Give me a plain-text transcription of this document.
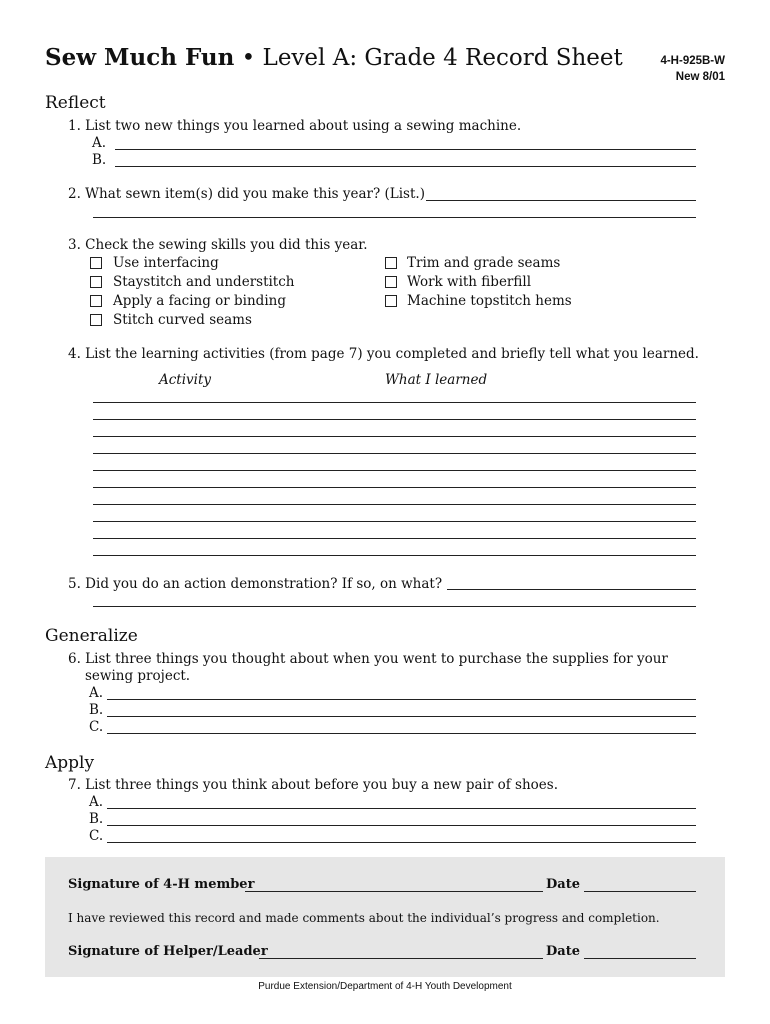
Sew Much Fun • Level A: Grade 4 Record Sheet	4-H-925B-W
New 8/01
Reflect
1. List two new things you learned about using a sewing machine.
A.
B.
2. What sewn item(s) did you make this year? (List.)
3. Check the sewing skills you did this year.
Use interfacing
Staystitch and understitch
Apply a facing or binding
Stitch curved seams
Trim and grade seams
Work with fiberfill
Machine topstitch hems
4. List the learning activities (from page 7) you completed and briefly tell what you learned.
Activity	What I learned
5. Did you do an action demonstration? If so, on what?
Generalize
6. List three things you thought about when you went to purchase the supplies for your
sewing project.
A.
B.
C.
Apply
7. List three things you think about before you buy a new pair of shoes.
A.
B.
C.
Signature of 4-H member	Date
I have reviewed this record and made comments about the individual’s progress and completion.
Signature of Helper/Leader	Date
Purdue Extension/Department of 4-H Youth Development
